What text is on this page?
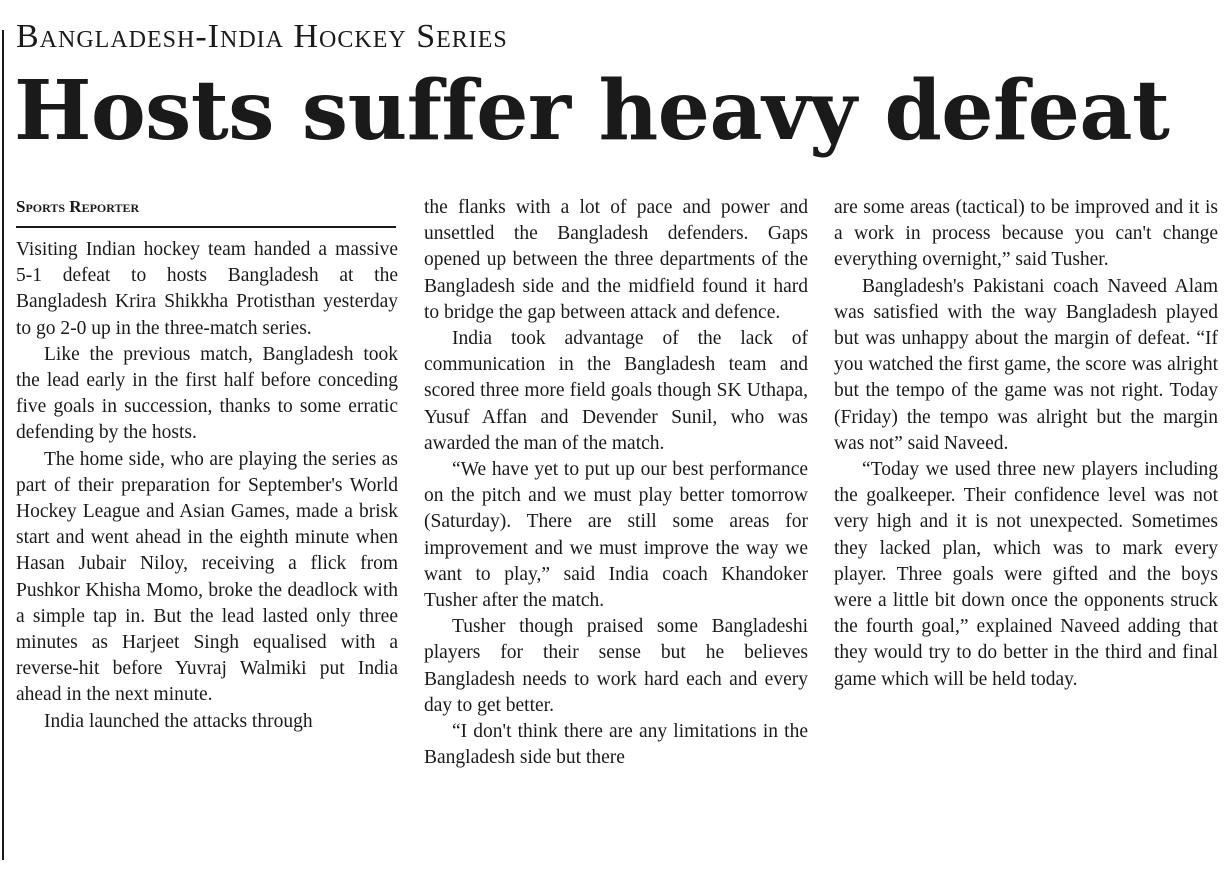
Bangladesh-India Hockey Series
Hosts suffer heavy defeat
Sports Reporter

Visiting Indian hockey team handed a massive 5-1 defeat to hosts Bangladesh at the Bangladesh Krira Shikkha Protisthan yesterday to go 2-0 up in the three-match series.

Like the previous match, Bangladesh took the lead early in the first half before conceding five goals in succession, thanks to some erratic defending by the hosts.

The home side, who are playing the series as part of their preparation for September's World Hockey League and Asian Games, made a brisk start and went ahead in the eighth minute when Hasan Jubair Niloy, receiving a flick from Pushkor Khisha Momo, broke the deadlock with a simple tap in. But the lead lasted only three minutes as Harjeet Singh equalised with a reverse-hit before Yuvraj Walmiki put India ahead in the next minute.

India launched the attacks through

the flanks with a lot of pace and power and unsettled the Bangladesh defenders. Gaps opened up between the three departments of the Bangladesh side and the midfield found it hard to bridge the gap between attack and defence.

India took advantage of the lack of communication in the Bangladesh team and scored three more field goals though SK Uthapa, Yusuf Affan and Devender Sunil, who was awarded the man of the match.

“We have yet to put up our best performance on the pitch and we must play better tomorrow (Saturday). There are still some areas for improvement and we must improve the way we want to play,” said India coach Khandoker Tusher after the match.

Tusher though praised some Bangladeshi players for their sense but he believes Bangladesh needs to work hard each and every day to get better.

“I don't think there are any limitations in the Bangladesh side but there

are some areas (tactical) to be improved and it is a work in process because you can't change everything overnight,” said Tusher.

Bangladesh's Pakistani coach Naveed Alam was satisfied with the way Bangladesh played but was unhappy about the margin of defeat. “If you watched the first game, the score was alright but the tempo of the game was not right. Today (Friday) the tempo was alright but the margin was not” said Naveed.

“Today we used three new players including the goalkeeper. Their confidence level was not very high and it is not unexpected. Sometimes they lacked plan, which was to mark every player. Three goals were gifted and the boys were a little bit down once the opponents struck the fourth goal,” explained Naveed adding that they would try to do better in the third and final game which will be held today.
